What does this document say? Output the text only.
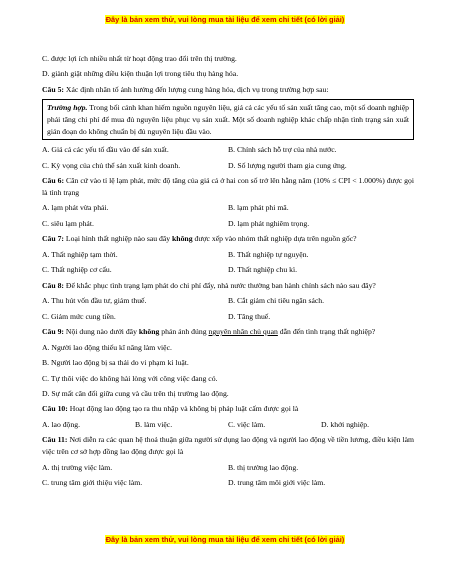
Đây là bản xem thử, vui lòng mua tài liệu để xem chi tiết (có lời giải)

C. được lợi ích nhiều nhất từ hoạt động trao đổi trên thị trường.

D. giành giật những điều kiện thuận lợi trong tiêu thụ hàng hóa.

Câu 5: Xác định nhân tố ảnh hưởng đến lượng cung hàng hóa, dịch vụ trong trường hợp sau:

Trường hợp. Trong bối cảnh khan hiếm nguồn nguyên liệu, giá cả các yếu tố sản xuất tăng cao, một số doanh nghiệp phải tăng chi phí để mua đủ nguyên liệu phục vụ sản xuất. Một số doanh nghiệp khác chấp nhận tình trạng sản xuất gián đoạn do không chuẩn bị đủ nguyên liệu đầu vào.
A. Giá cả các yếu tố đầu vào để sản xuất.	B. Chính sách hỗ trợ của nhà nước.
C. Kỳ vọng của chủ thể sản xuất kinh doanh.	D. Số lượng người tham gia cung ứng.

Câu 6: Căn cứ vào tỉ lệ lạm phát, mức độ tăng của giá cả ở hai con số trở lên hằng năm (10% ≤ CPI < 1.000%) được gọi là tình trạng

A. lạm phát vừa phải.	B. lạm phát phi mã.
C. siêu lạm phát.	D. lạm phát nghiêm trọng.

Câu 7: Loại hình thất nghiệp nào sau đây không được xếp vào nhóm thất nghiệp dựa trên nguồn gốc?

A. Thất nghiệp tạm thời.	B. Thất nghiệp tự nguyện.
C. Thất nghiệp cơ cấu.	D. Thất nghiệp chu kì.

Câu 8: Để khắc phục tình trạng lạm phát do chi phí đẩy, nhà nước thường ban hành chính sách nào sau đây?

A. Thu hút vốn đầu tư, giảm thuế.	B. Cắt giảm chi tiêu ngân sách.
C. Giảm mức cung tiền.	D. Tăng thuế.

Câu 9: Nội dung nào dưới đây không phản ánh đúng nguyên nhân chủ quan dẫn đến tình trạng thất nghiệp?

A. Người lao động thiếu kĩ năng làm việc.

B. Người lao động bị sa thải do vi phạm kỉ luật.

C. Tự thôi việc do không hài lòng với công việc đang có.

D. Sự mất cân đối giữa cung và cầu trên thị trường lao động.

Câu 10: Hoạt động lao động tạo ra thu nhập và không bị pháp luật cấm được gọi là

A. lao động.	B. làm việc.	C. việc làm.	D. khởi nghiệp.

Câu 11: Nơi diễn ra các quan hệ thoả thuận giữa người sử dụng lao động và người lao động về tiền lương, điều kiện làm việc trên cơ sở hợp đồng lao động được gọi là

A. thị trường việc làm.	B. thị trường lao động.
C. trung tâm giới thiệu việc làm.	D. trung tâm môi giới việc làm.
Đây là bản xem thử, vui lòng mua tài liệu để xem chi tiết (có lời giải)
